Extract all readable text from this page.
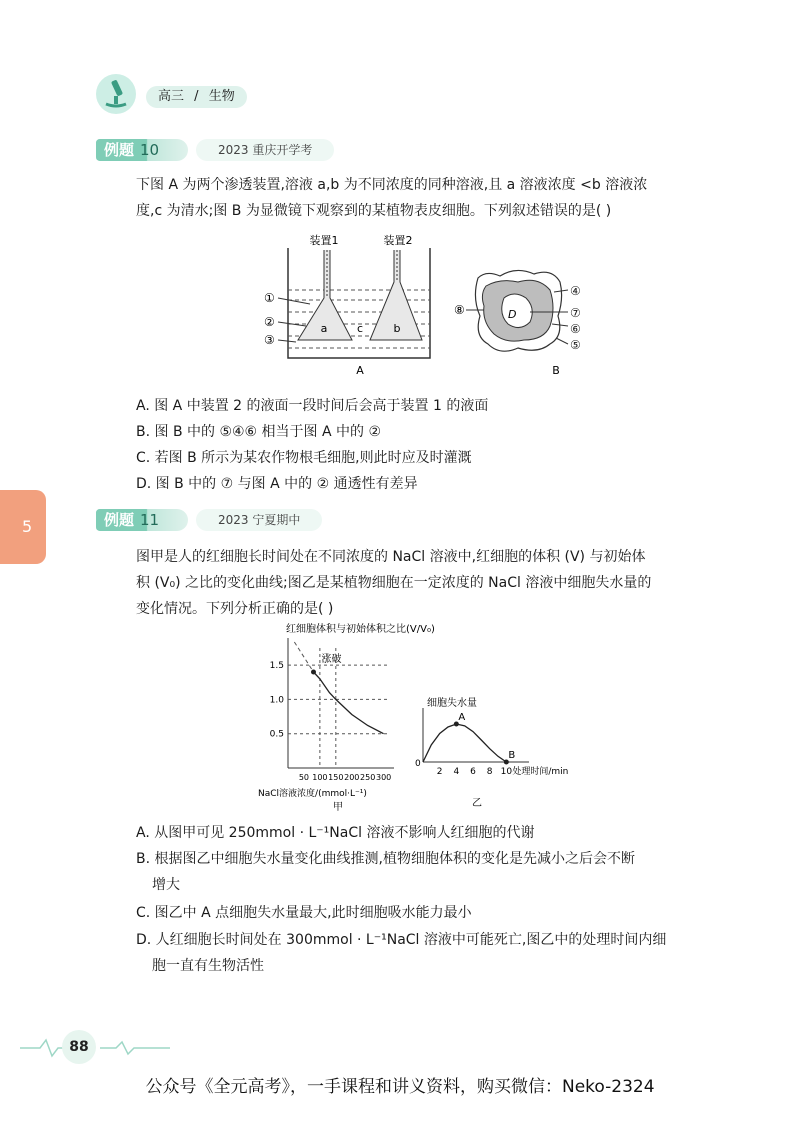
高三 / 生物
例题 10	2023 重庆开学考
下图 A 为两个渗透装置,溶液 a,b 为不同浓度的同种溶液,且 a 溶液浓度 <b 溶液浓
度,c 为清水;图 B 为显微镜下观察到的某植物表皮细胞。下列叙述错误的是( )
装置1	装置2
①
②
③
a	c	b
A
D
⑧
B
④
⑦
⑥
⑤
A. 图 A 中装置 2 的液面一段时间后会高于装置 1 的液面
B. 图 B 中的 ⑤④⑥ 相当于图 A 中的 ②
C. 若图 B 所示为某农作物根毛细胞,则此时应及时灌溉
D. 图 B 中的 ⑦ 与图 A 中的 ② 通透性有差异
5	例题 11	2023 宁夏期中
图甲是人的红细胞长时间处在不同浓度的 NaCl 溶液中,红细胞的体积 (V) 与初始体
积 (V₀) 之比的变化曲线;图乙是某植物细胞在一定浓度的 NaCl 溶液中细胞失水量的
变化情况。下列分析正确的是( )
红细胞体积与初始体积之比(V/V₀)
0.5
1.0
1.5
50 100 150 200 250 300
涨破
NaCl溶液浓度/(mmol·L⁻¹)
甲
细胞失水量
0
2 4 6 8 10 处理时间/min
A
B
乙
A. 从图甲可见 250mmol · L⁻¹NaCl 溶液不影响人红细胞的代谢
B. 根据图乙中细胞失水量变化曲线推测,植物细胞体积的变化是先减小之后会不断
增大
C. 图乙中 A 点细胞失水量最大,此时细胞吸水能力最小
D. 人红细胞长时间处在 300mmol · L⁻¹NaCl 溶液中可能死亡,图乙中的处理时间内细
胞一直有生物活性
88
公众号《全元高考》，一手课程和讲义资料，购买微信：Neko-2324
